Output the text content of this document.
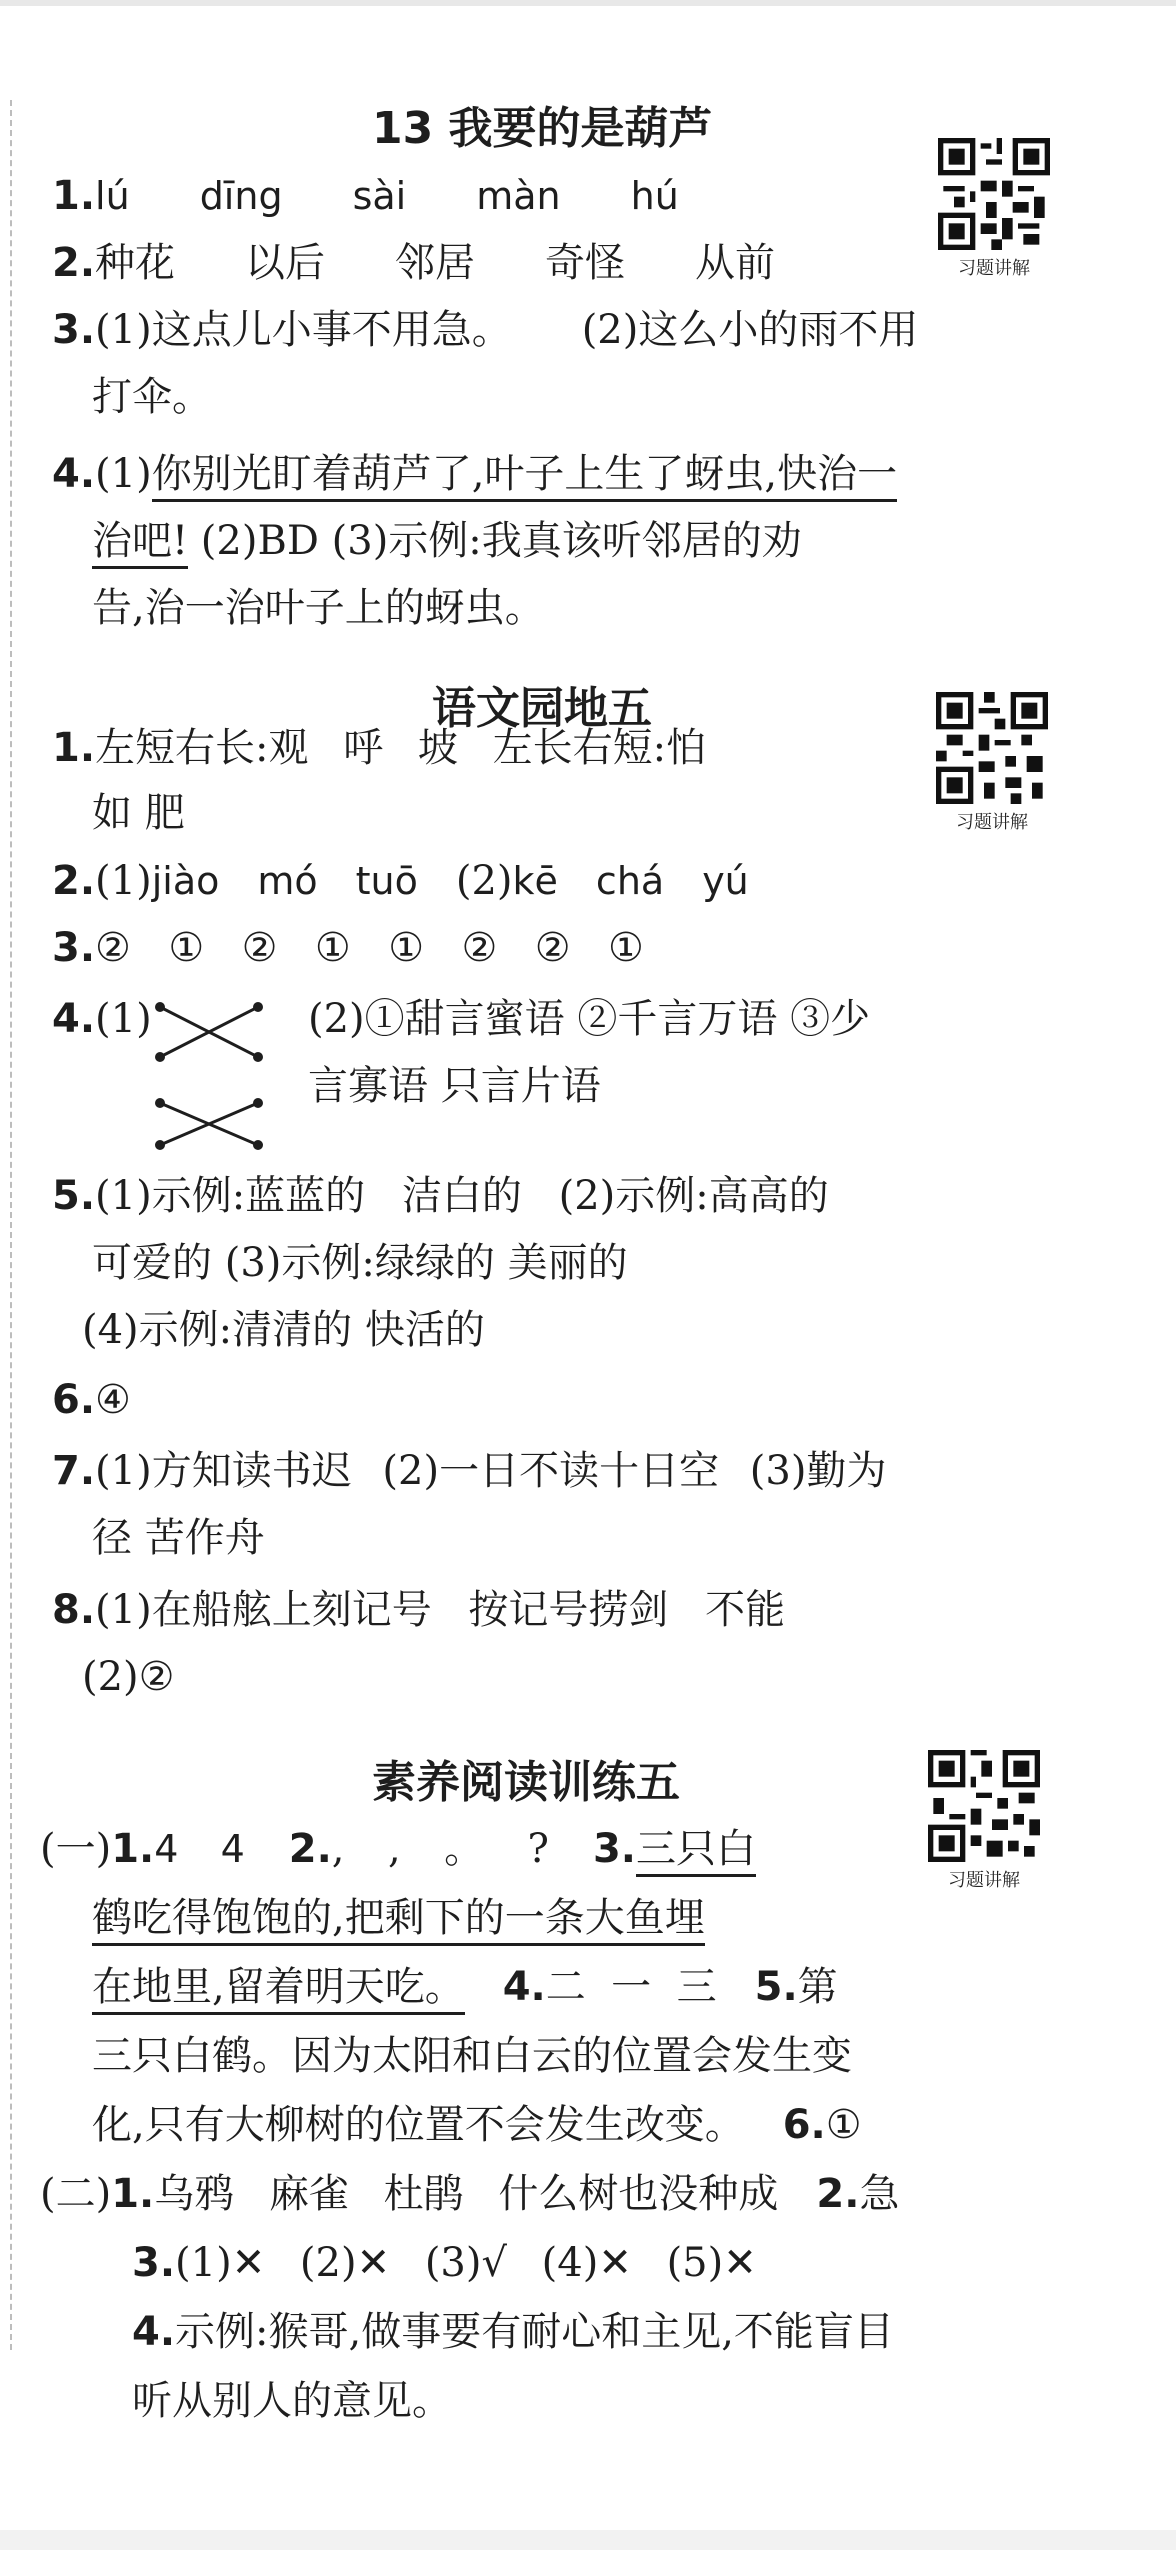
13 我要的是葫芦
习题讲解
1.lú dīng sài màn hú
2.种花 以后 邻居 奇怪 从前
3.(1)这点儿小事不用急。 (2)这么小的雨不用
打伞。
4.(1)你别光盯着葫芦了,叶子上生了蚜虫,快治一
治吧! (2)BD (3)示例:我真该听邻居的劝
告,治一治叶子上的蚜虫。
语文园地五
习题讲解
1.左短右长:观 呼 坡 左长右短:怕
如 肥
2.(1)jiào mó tuō (2)kē chá yú
3.②  ①  ②  ①  ①  ②  ②  ①
4.(1)	(2)①甜言蜜语 ②千言万语 ③少
言寡语 只言片语
5.(1)示例:蓝蓝的 洁白的 (2)示例:高高的
可爱的 (3)示例:绿绿的 美丽的
(4)示例:清清的 快活的
6.④
7.(1)方知读书迟 (2)一日不读十日空 (3)勤为
径 苦作舟
8.(1)在船舷上刻记号 按记号捞剑 不能
(2)②
素养阅读训练五
习题讲解
(一)1.4  4 2.,  ,  。  ? 3.三只白
鹤吃得饱饱的,把剩下的一条大鱼埋
在地里,留着明天吃。 4.二  一  三 5.第
三只白鹤。因为太阳和白云的位置会发生变
化,只有大柳树的位置不会发生改变。 6.①
(二)1.乌鸦 麻雀 杜鹃 什么树也没种成 2.急
3.(1)✕ (2)✕ (3)√ (4)✕ (5)✕
4.示例:猴哥,做事要有耐心和主见,不能盲目
听从别人的意见。
